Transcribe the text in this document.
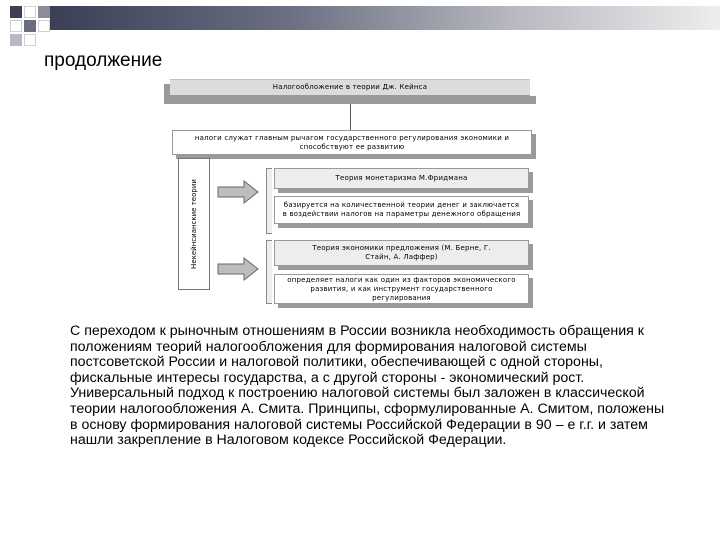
продолжение
Налогообложение в теории Дж. Кейнса
налоги служат главным рычагом государственного регулирования экономики и способствуют ее развитию
Некейнсианские теории
Теория монетаризма М.Фридмана
базируется на количественной теории денег и заключается в воздействии налогов на параметры денежного обращения
Теория экономики предложения (М. Берне, Г. Стайн, А. Лаффер)
определяет налоги как один из факторов экономического развития, и как инструмент государственного регулирования
С переходом к рыночным отношениям в России возникла необходимость обращения к положениям теорий налогообложения для формирования налоговой системы постсоветской России и налоговой политики, обеспечивающей с одной стороны, фискальные интересы государства, а с другой стороны - экономический рост. Универсальный подход к построению налоговой системы был заложен в классической теории налогообложения А. Смита. Принципы, сформулированные А. Смитом, положены в основу формирования налоговой системы Российской Федерации в 90 – е г.г. и затем нашли закрепление в Налоговом кодексе Российской Федерации.
